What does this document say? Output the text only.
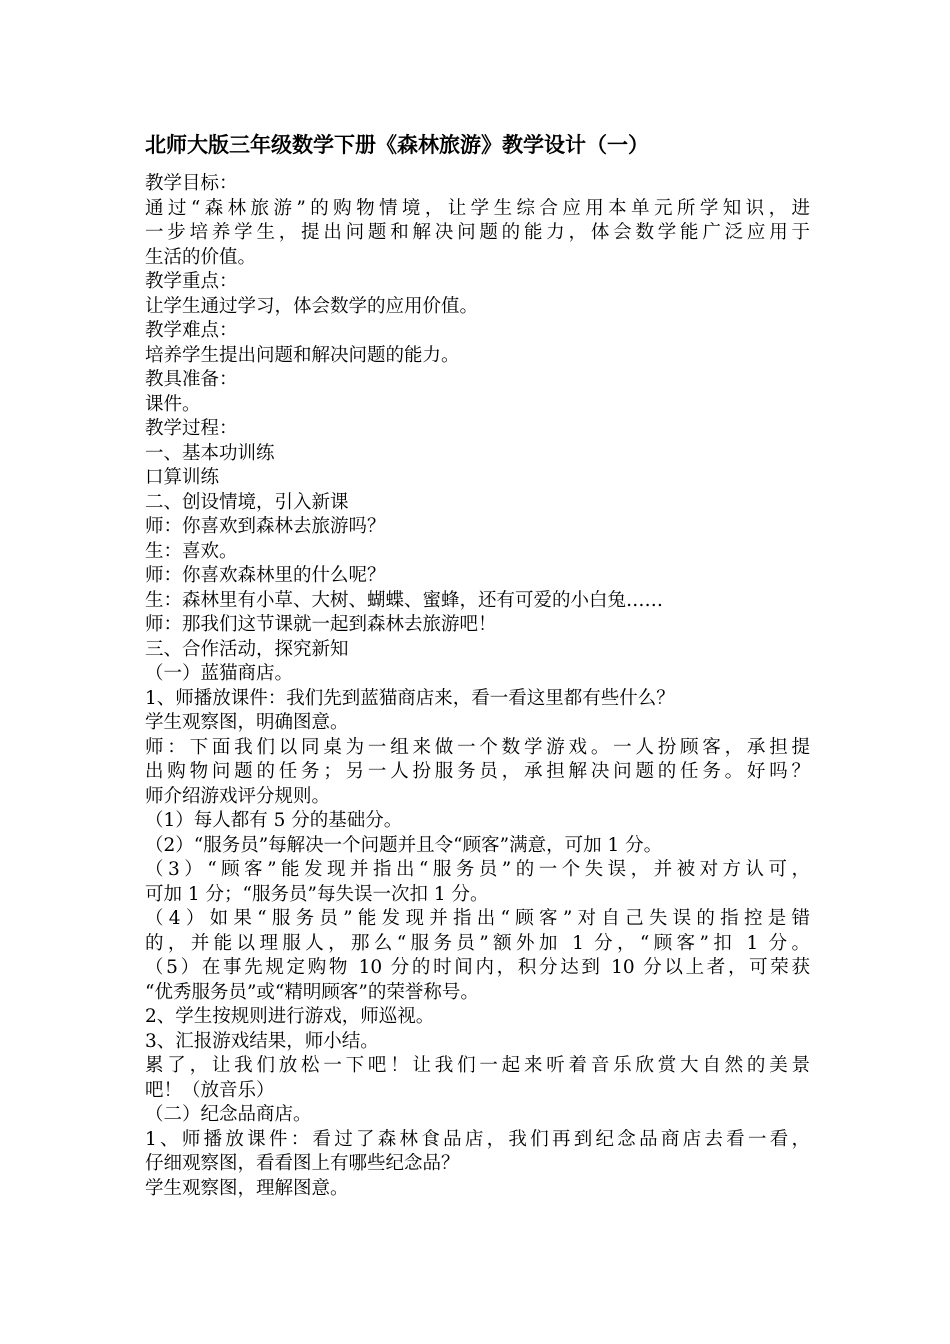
北师大版三年级数学下册《森林旅游》教学设计（一）
教学目标：
通过“森林旅游”的购物情境，让学生综合应用本单元所学知识，进
一步培养学生，提出问题和解决问题的能力，体会数学能广泛应用于
生活的价值。
教学重点：
让学生通过学习，体会数学的应用价值。
教学难点：
培养学生提出问题和解决问题的能力。
教具准备：
课件。
教学过程：
一、基本功训练
口算训练
二、创设情境，引入新课
师：你喜欢到森林去旅游吗？
生：喜欢。
师：你喜欢森林里的什么呢？
生：森林里有小草、大树、蝴蝶、蜜蜂，还有可爱的小白兔……
师：那我们这节课就一起到森林去旅游吧！
三、合作活动，探究新知
（一）蓝猫商店。
1、师播放课件：我们先到蓝猫商店来，看一看这里都有些什么？
学生观察图，明确图意。
师：下面我们以同桌为一组来做一个数学游戏。一人扮顾客，承担提
出购物问题的任务；另一人扮服务员，承担解决问题的任务。好吗？
师介绍游戏评分规则。
（1）每人都有 5 分的基础分。
（2）“服务员”每解决一个问题并且令“顾客”满意，可加 1 分。
（3）“顾客”能发现并指出“服务员”的一个失误，并被对方认可，
可加 1 分；“服务员”每失误一次扣 1 分。
（4）如果“服务员”能发现并指出“顾客”对自己失误的指控是错
的，并能以理服人，那么“服务员”额外加 1 分，“顾客”扣 1 分。
（5）在事先规定购物 10 分的时间内，积分达到 10 分以上者，可荣获
“优秀服务员”或“精明顾客”的荣誉称号。
2、学生按规则进行游戏，师巡视。
3、汇报游戏结果，师小结。
累了，让我们放松一下吧！让我们一起来听着音乐欣赏大自然的美景
吧！（放音乐）
（二）纪念品商店。
1、师播放课件：看过了森林食品店，我们再到纪念品商店去看一看，
仔细观察图，看看图上有哪些纪念品？
学生观察图，理解图意。
